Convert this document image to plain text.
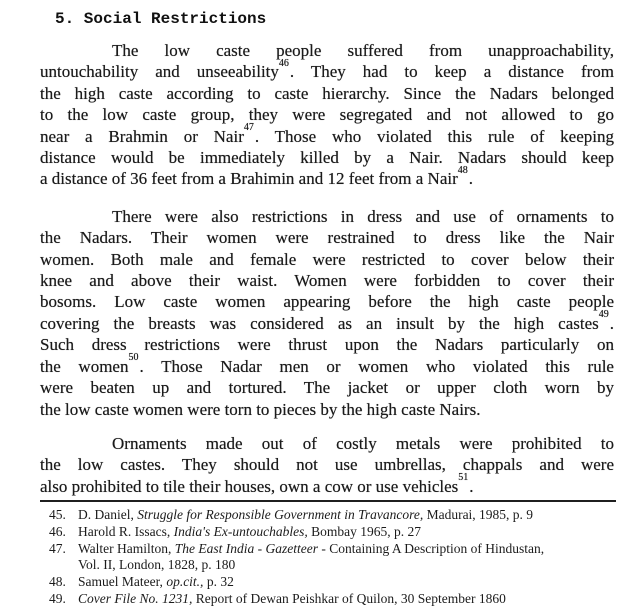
5. Social Restrictions
The low caste people suffered from unapproachability,
untouchability and unseeability$^{46}$. They had to keep a distance from
the high caste according to caste hierarchy. Since the Nadars belonged
to the low caste group, they were segregated and not allowed to go
near a Brahmin or Nair$^{47}$. Those who violated this rule of keeping
distance would be immediately killed by a Nair. Nadars should keep
a distance of 36 feet from a Brahimin and 12 feet from a Nair$^{48}$.
There were also restrictions in dress and use of ornaments to
the Nadars. Their women were restrained to dress like the Nair
women. Both male and female were restricted to cover below their
knee and above their waist. Women were forbidden to cover their
bosoms. Low caste women appearing before the high caste people
covering the breasts was considered as an insult by the high castes$^{49}$.
Such dress restrictions were thrust upon the Nadars particularly on
the women$^{50}$. Those Nadar men or women who violated this rule
were beaten up and tortured. The jacket or upper cloth worn by
the low caste women were torn to pieces by the high caste Nairs.
Ornaments made out of costly metals were prohibited to
the low castes. They should not use umbrellas, chappals and were
also prohibited to tile their houses, own a cow or use vehicles$^{51}$.
45. D. Daniel, Struggle for Responsible Government in Travancore, Madurai, 1985, p. 9
46. Harold R. Issacs, India's Ex-untouchables, Bombay 1965, p. 27
47. Walter Hamilton, The East India - Gazetteer - Containing A Description of Hindustan,
Vol. II, London, 1828, p. 180
48. Samuel Mateer, op.cit., p. 32
49. Cover File No. 1231, Report of Dewan Peishkar of Quilon, 30 September 1860
